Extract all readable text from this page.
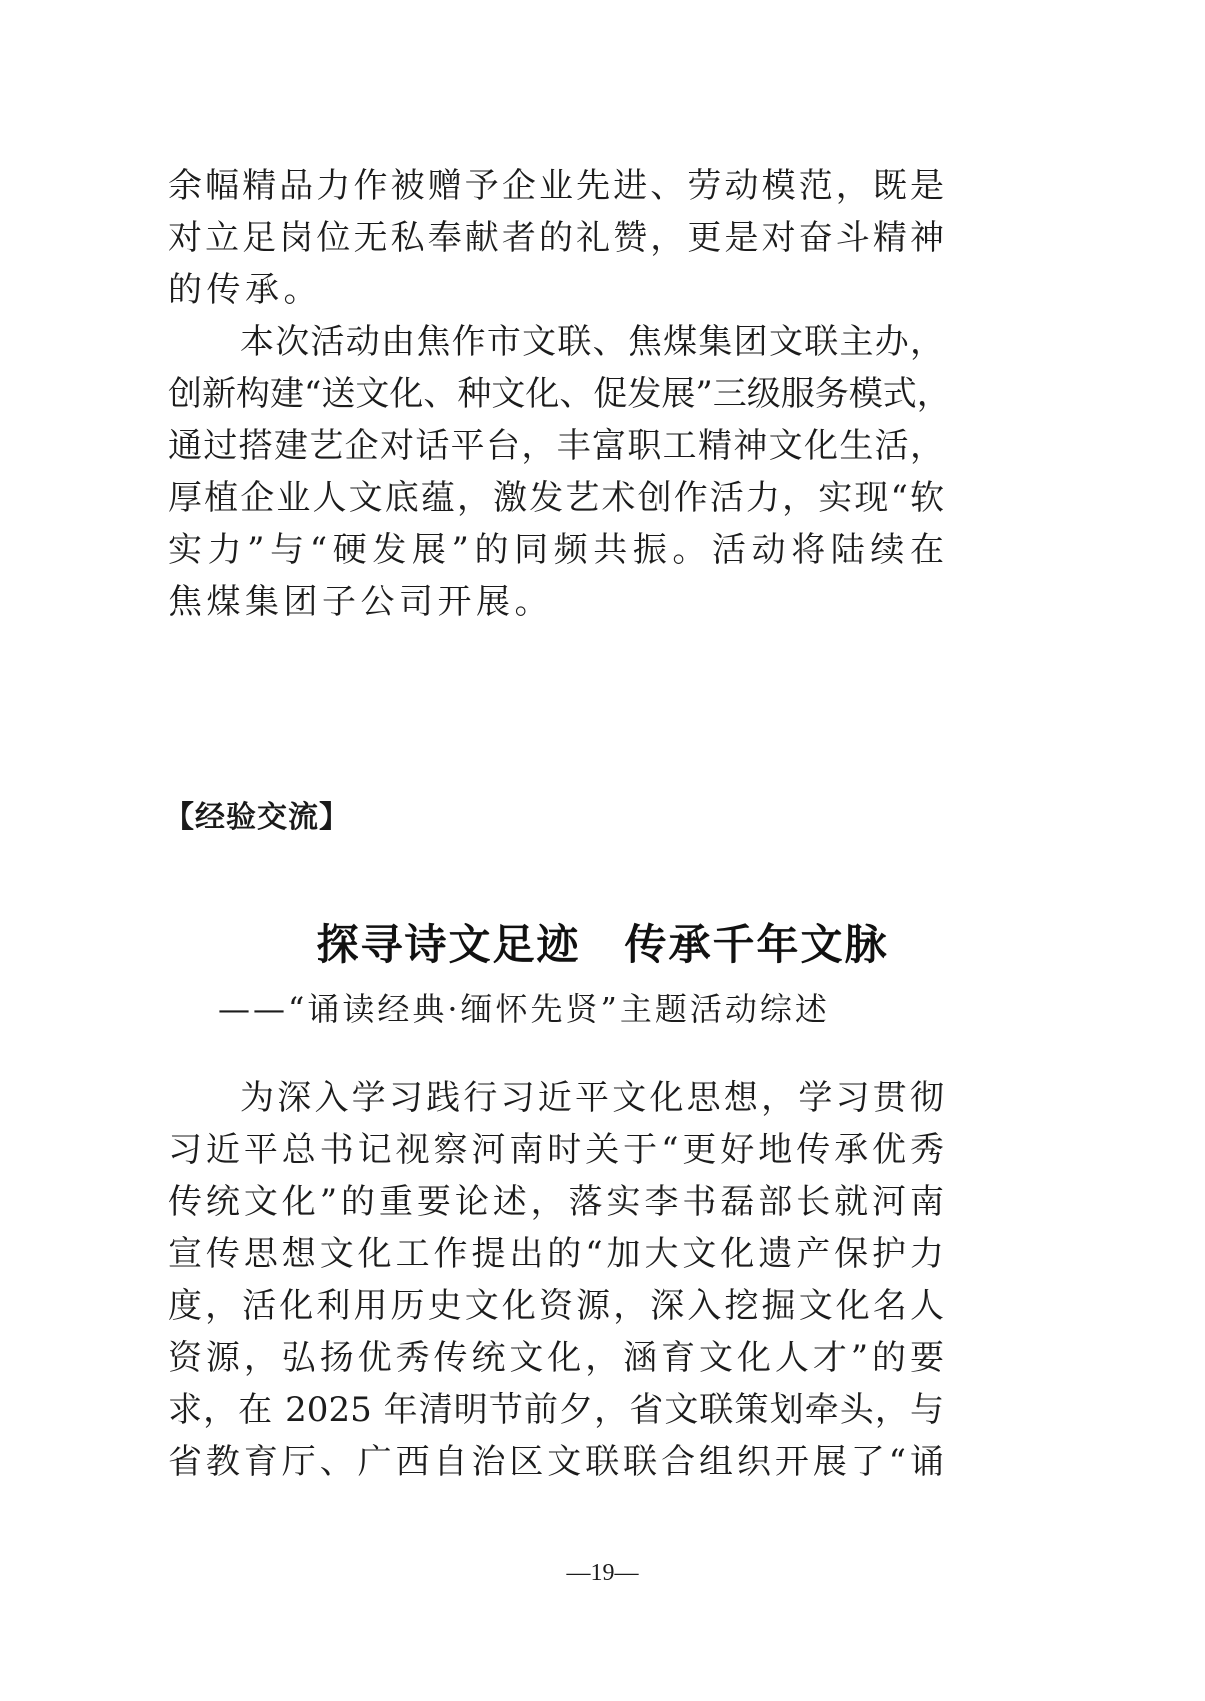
余幅精品力作被赠予企业先进、劳动模范，既是
对立足岗位无私奉献者的礼赞，更是对奋斗精神
的传承。
本次活动由焦作市文联、焦煤集团文联主办，
创新构建“送文化、种文化、促发展”三级服务模式，
通过搭建艺企对话平台，丰富职工精神文化生活，
厚植企业人文底蕴，激发艺术创作活力，实现“软
实力”与“硬发展”的同频共振。活动将陆续在
焦煤集团子公司开展。
【经验交流】
探寻诗文足迹　传承千年文脉
——“诵读经典·缅怀先贤”主题活动综述
为深入学习践行习近平文化思想，学习贯彻
习近平总书记视察河南时关于“更好地传承优秀
传统文化”的重要论述，落实李书磊部长就河南
宣传思想文化工作提出的“加大文化遗产保护力
度，活化利用历史文化资源，深入挖掘文化名人
资源，弘扬优秀传统文化，涵育文化人才”的要
求，在 2025 年清明节前夕，省文联策划牵头，与
省教育厅、广西自治区文联联合组织开展了“诵
—19—
